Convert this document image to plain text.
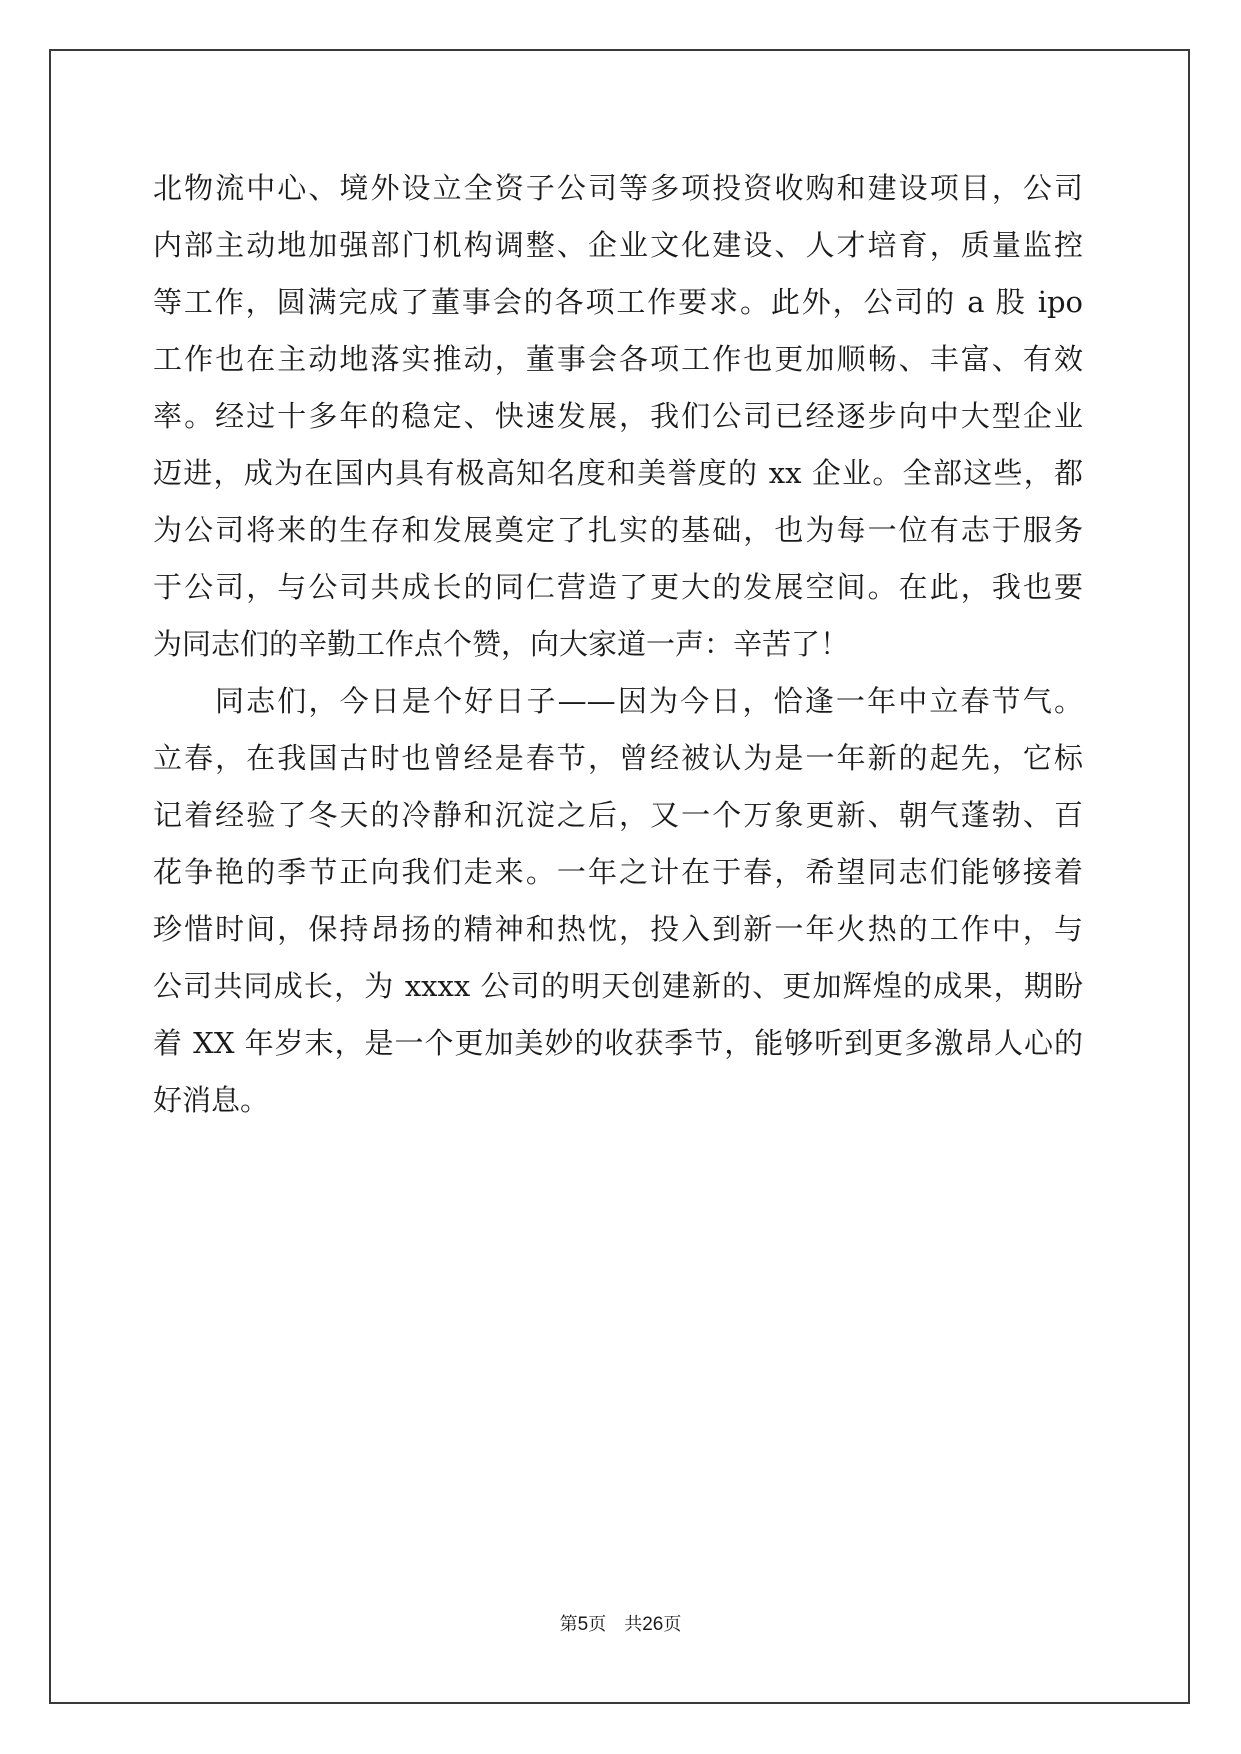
北物流中心、境外设立全资子公司等多项投资收购和建设项目，公司
内部主动地加强部门机构调整、企业文化建设、人才培育，质量监控
等工作，圆满完成了董事会的各项工作要求。此外，公司的 a 股 ipo
工作也在主动地落实推动，董事会各项工作也更加顺畅、丰富、有效
率。经过十多年的稳定、快速发展，我们公司已经逐步向中大型企业
迈进，成为在国内具有极高知名度和美誉度的 xx 企业。全部这些，都
为公司将来的生存和发展奠定了扎实的基础，也为每一位有志于服务
于公司，与公司共成长的同仁营造了更大的发展空间。在此，我也要
为同志们的辛勤工作点个赞，向大家道一声：辛苦了！
同志们，今日是个好日子——因为今日，恰逢一年中立春节气。
立春，在我国古时也曾经是春节，曾经被认为是一年新的起先，它标
记着经验了冬天的冷静和沉淀之后，又一个万象更新、朝气蓬勃、百
花争艳的季节正向我们走来。一年之计在于春，希望同志们能够接着
珍惜时间，保持昂扬的精神和热忱，投入到新一年火热的工作中，与
公司共同成长，为 xxxx 公司的明天创建新的、更加辉煌的成果，期盼
着 XX 年岁末，是一个更加美妙的收获季节，能够听到更多激昂人心的
好消息。
第5页 共26页
